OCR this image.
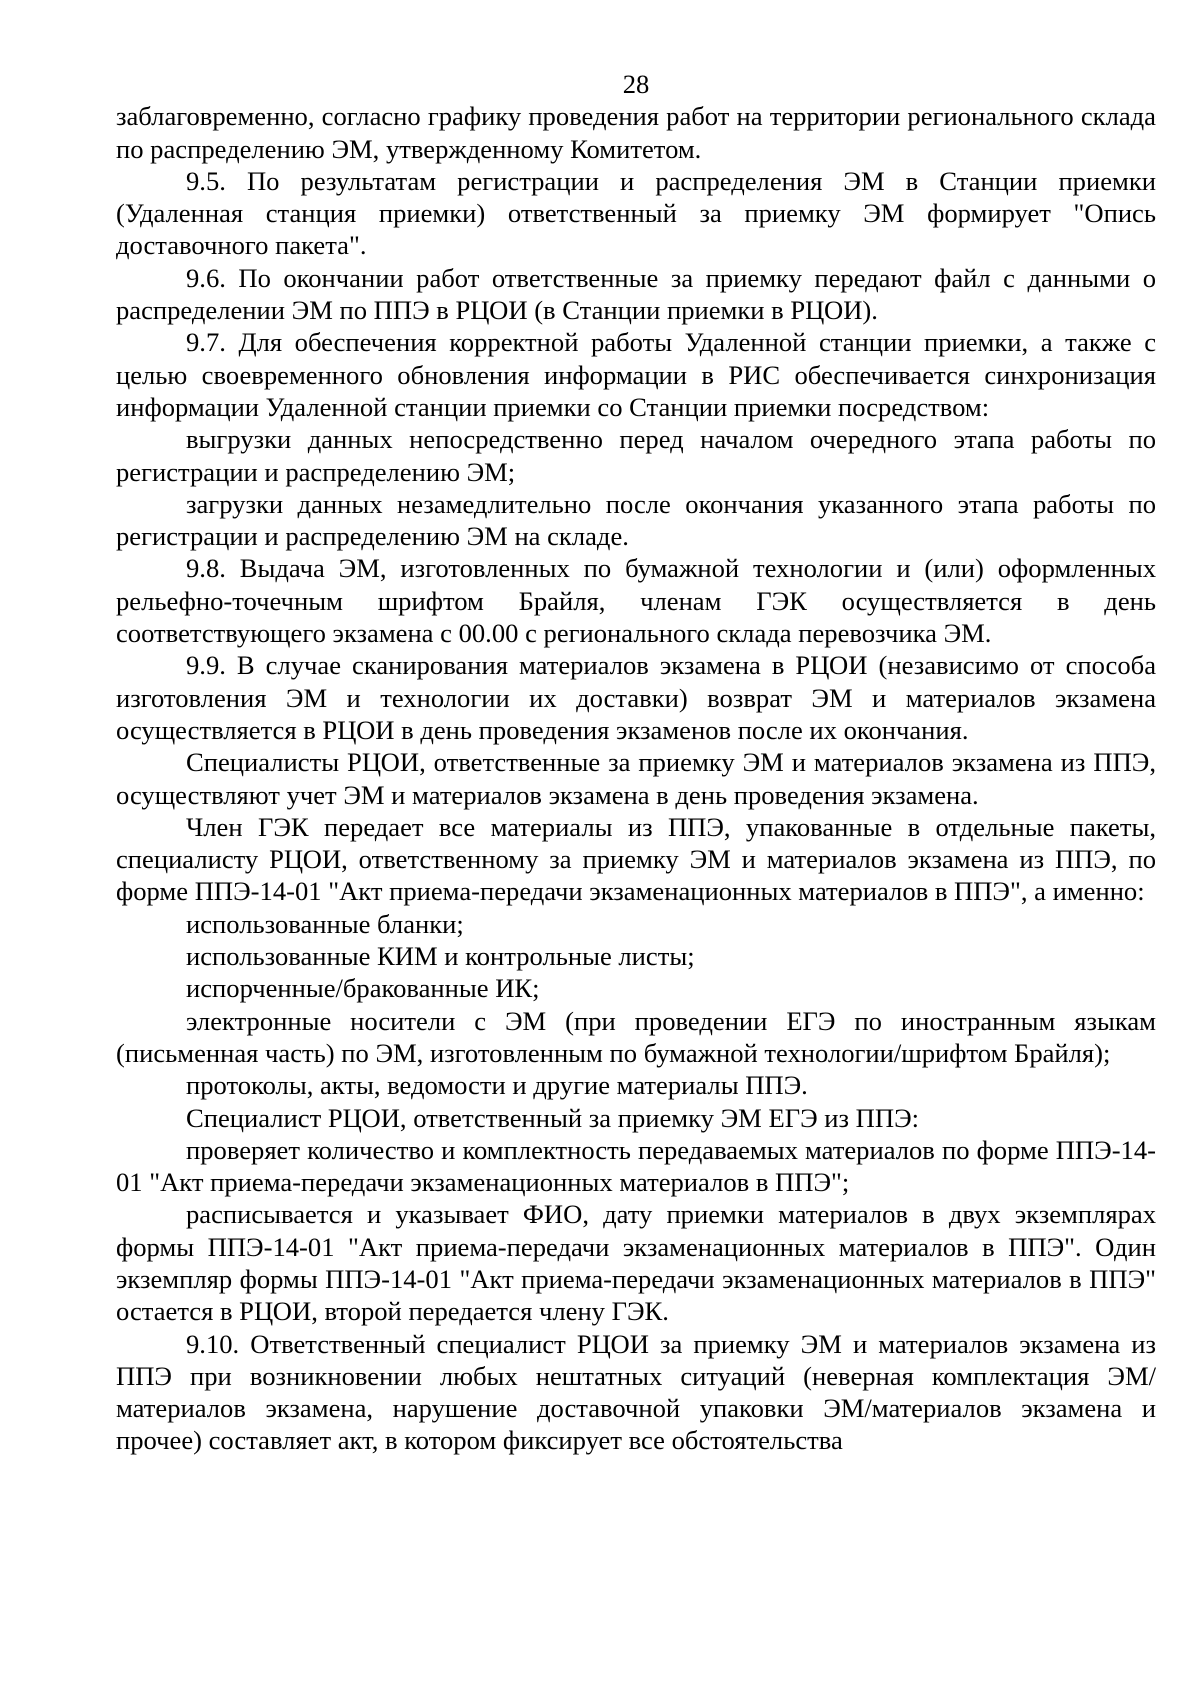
28

заблаговременно, согласно графику проведения работ на территории регионального склада по распределению ЭМ, утвержденному Комитетом.

9.5. По результатам регистрации и распределения ЭМ в Станции приемки (Удаленная станция приемки) ответственный за приемку ЭМ формирует "Опись доставочного пакета".

9.6. По окончании работ ответственные за приемку передают файл с данными о распределении ЭМ по ППЭ в РЦОИ (в Станции приемки в РЦОИ).

9.7. Для обеспечения корректной работы Удаленной станции приемки, а также с целью своевременного обновления информации в РИС обеспечивается синхронизация информации Удаленной станции приемки со Станции приемки посредством:

выгрузки данных непосредственно перед началом очередного этапа работы по регистрации и распределению ЭМ;

загрузки данных незамедлительно после окончания указанного этапа работы по регистрации и распределению ЭМ на складе.

9.8. Выдача ЭМ, изготовленных по бумажной технологии и (или) оформленных рельефно-точечным шрифтом Брайля, членам ГЭК осуществляется в день соответствующего экзамена с 00.00 с регионального склада перевозчика ЭМ.

9.9. В случае сканирования материалов экзамена в РЦОИ (независимо от способа изготовления ЭМ и технологии их доставки) возврат ЭМ и материалов экзамена осуществляется в РЦОИ в день проведения экзаменов после их окончания.

Специалисты РЦОИ, ответственные за приемку ЭМ и материалов экзамена из ППЭ, осуществляют учет ЭМ и материалов экзамена в день проведения экзамена.

Член ГЭК передает все материалы из ППЭ, упакованные в отдельные пакеты, специалисту РЦОИ, ответственному за приемку ЭМ и материалов экзамена из ППЭ, по форме ППЭ-14-01 "Акт приема-передачи экзаменационных материалов в ППЭ", а именно:

использованные бланки;

использованные КИМ и контрольные листы;

испорченные/бракованные ИК;

электронные носители с ЭМ (при проведении ЕГЭ по иностранным языкам (письменная часть) по ЭМ, изготовленным по бумажной технологии/шрифтом Брайля);

протоколы, акты, ведомости и другие материалы ППЭ.

Специалист РЦОИ, ответственный за приемку ЭМ ЕГЭ из ППЭ:

проверяет количество и комплектность передаваемых материалов по форме ППЭ-14-01 "Акт приема-передачи экзаменационных материалов в ППЭ";

расписывается и указывает ФИО, дату приемки материалов в двух экземплярах формы ППЭ-14-01 "Акт приема-передачи экзаменационных материалов в ППЭ". Один экземпляр формы ППЭ-14-01 "Акт приема-передачи экзаменационных материалов в ППЭ" остается в РЦОИ, второй передается члену ГЭК.

9.10. Ответственный специалист РЦОИ за приемку ЭМ и материалов экзамена из ППЭ при возникновении любых нештатных ситуаций (неверная комплектация ЭМ/материалов экзамена, нарушение доставочной упаковки ЭМ/материалов экзамена и прочее) составляет акт, в котором фиксирует все обстоятельства
